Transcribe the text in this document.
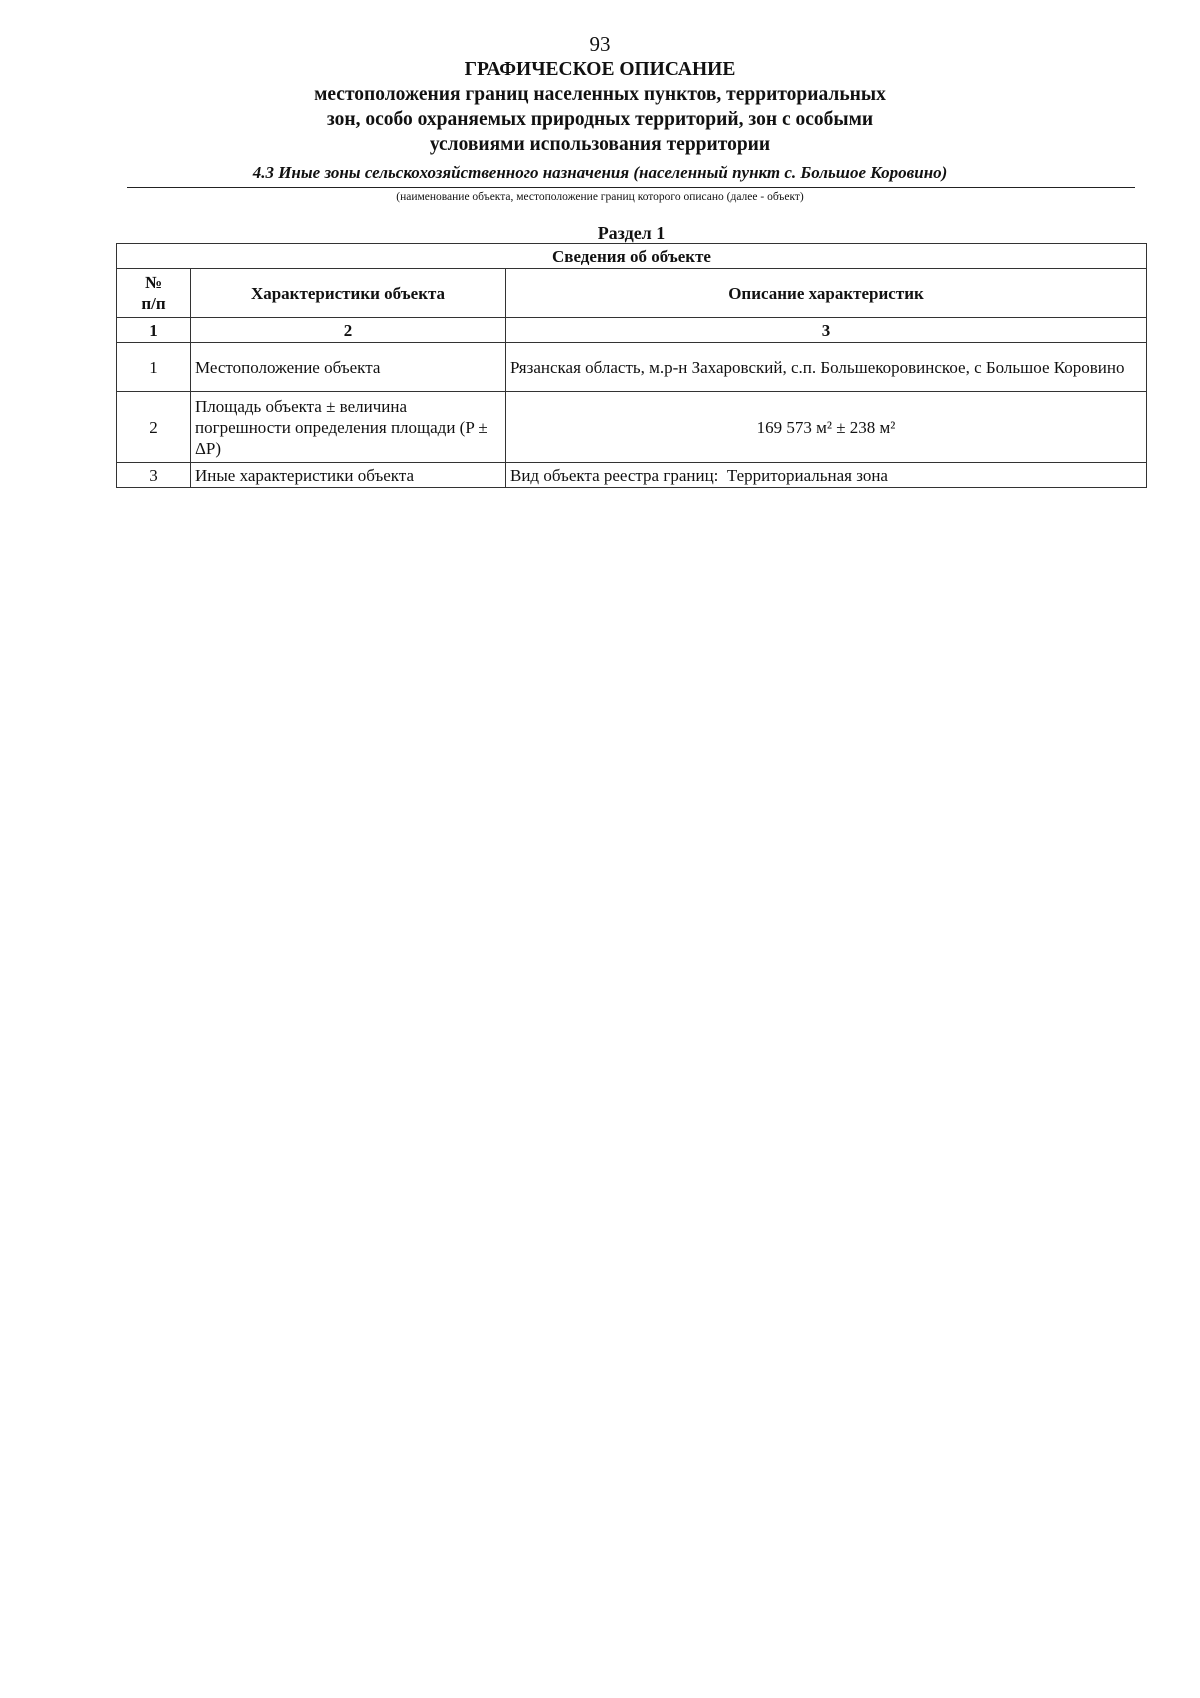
93
ГРАФИЧЕСКОЕ ОПИСАНИЕ
местоположения границ населенных пунктов, территориальных
зон, особо охраняемых природных территорий, зон с особыми
условиями использования территории
4.3 Иные зоны сельскохозяйственного назначения (населенный пункт с. Большое Коровино)
(наименование объекта, местоположение границ которого описано (далее - объект)
Раздел 1
Сведения об объекте		
№
п/п	Характеристики объекта	Описание характеристик
1	2	3
1	Местоположение объекта	Рязанская область, м.р-н Захаровский, с.п. Большекоровинское, с Большое Коровино
2	Площадь объекта ± величина погрешности определения площади (P ± ΔP)	169 573 м² ± 238 м²
3	Иные характеристики объекта	Вид объекта реестра границ:  Территориальная зона
